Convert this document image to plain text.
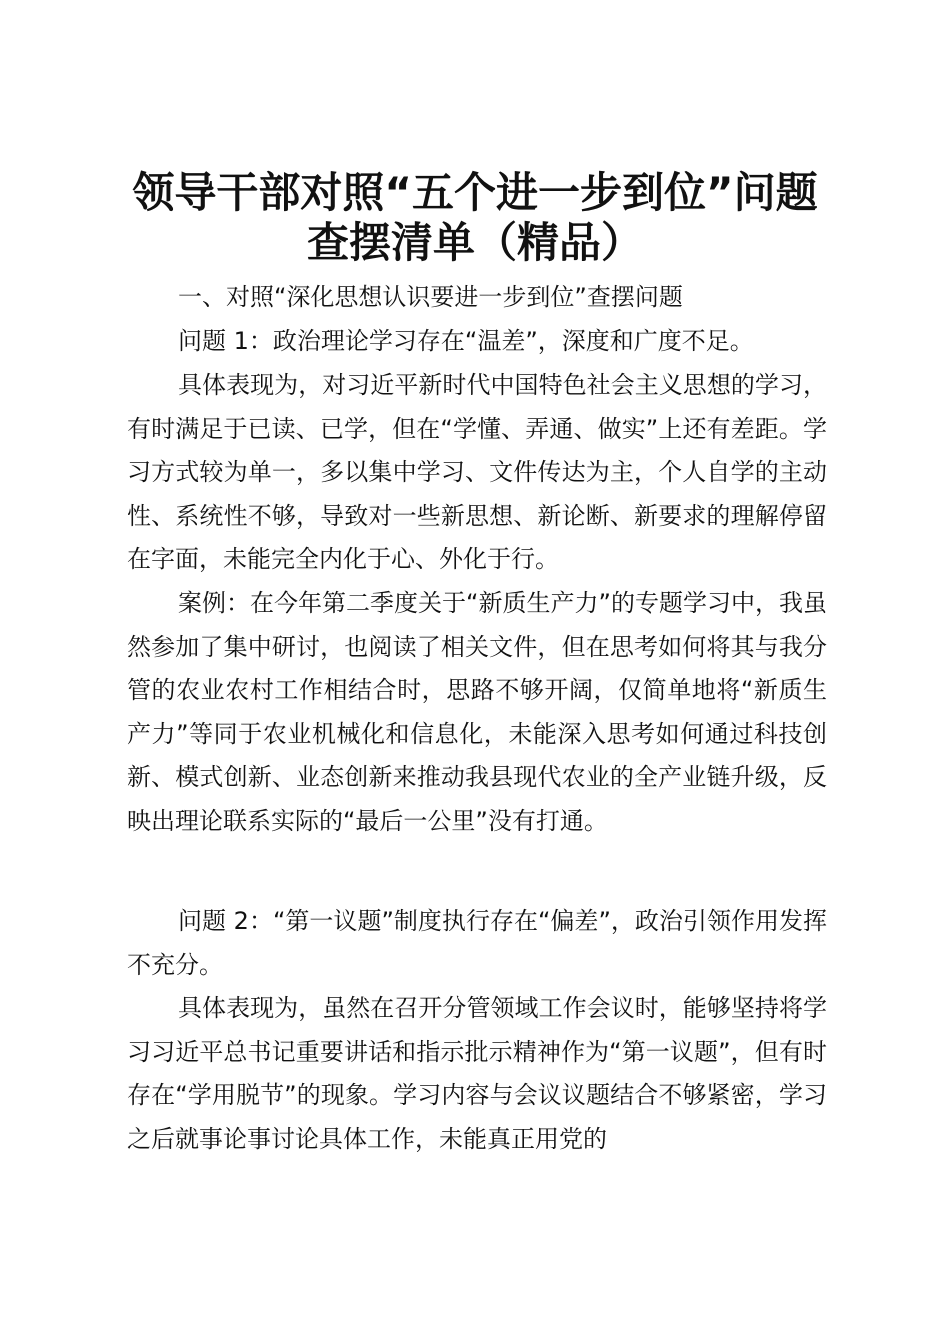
领导干部对照“五个进一步到位”问题
查摆清单（精品）
一、对照“深化思想认识要进一步到位”查摆问题

问题 1：政治理论学习存在“温差”，深度和广度不足。

具体表现为，对习近平新时代中国特色社会主义思想的学习，有时满足于已读、已学，但在“学懂、弄通、做实”上还有差距。学习方式较为单一，多以集中学习、文件传达为主，个人自学的主动性、系统性不够，导致对一些新思想、新论断、新要求的理解停留在字面，未能完全内化于心、外化于行。

案例：在今年第二季度关于“新质生产力”的专题学习中，我虽然参加了集中研讨，也阅读了相关文件，但在思考如何将其与我分管的农业农村工作相结合时，思路不够开阔，仅简单地将“新质生产力”等同于农业机械化和信息化，未能深入思考如何通过科技创新、模式创新、业态创新来推动我县现代农业的全产业链升级，反映出理论联系实际的“最后一公里”没有打通。

问题 2：“第一议题”制度执行存在“偏差”，政治引领作用发挥不充分。

具体表现为，虽然在召开分管领域工作会议时，能够坚持将学习习近平总书记重要讲话和指示批示精神作为“第一议题”，但有时存在“学用脱节”的现象。学习内容与会议议题结合不够紧密，学习之后就事论事讨论具体工作，未能真正用党的
